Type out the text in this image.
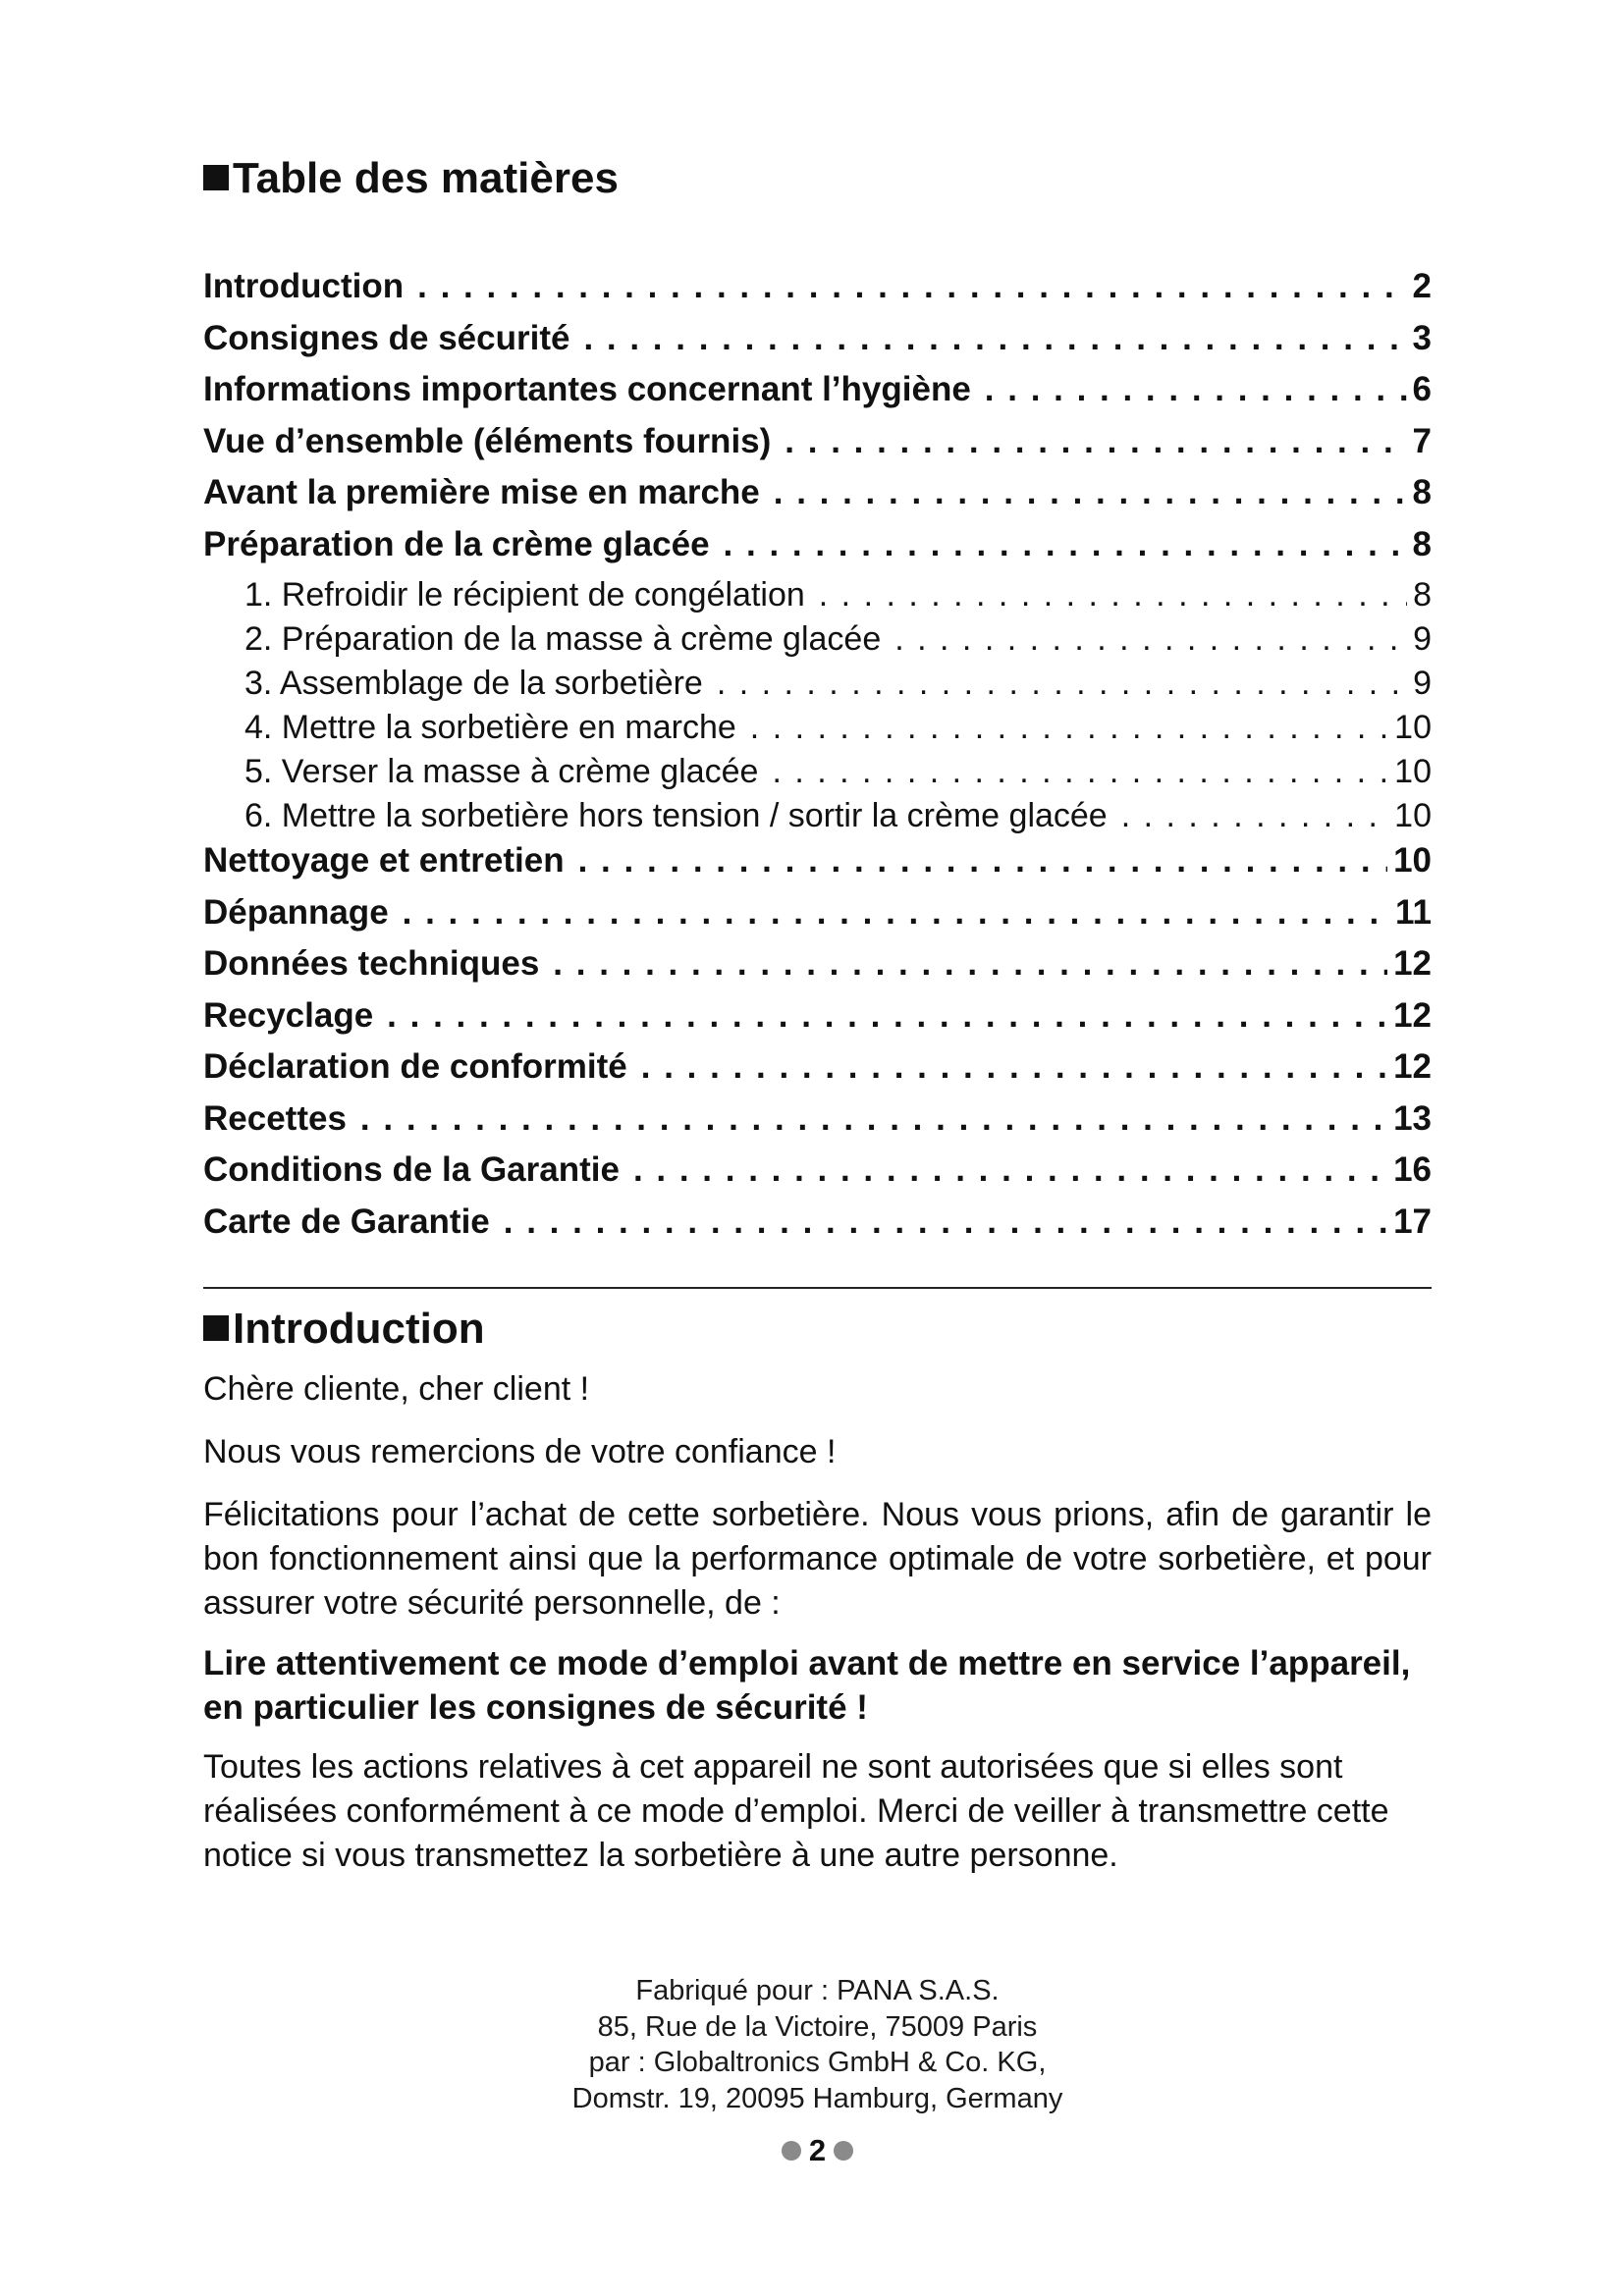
Table des matières
Introduction . . .	2
Consignes de sécurité . . .	3
Informations importantes concernant l’hygiène . . .	6
Vue d’ensemble (éléments fournis) . . .	7
Avant la première mise en marche . . .	8
Préparation de la crème glacée . . .	8
1. Refroidir le récipient de congélation . . .	8
2. Préparation de la masse à crème glacée . . .	9
3. Assemblage de la sorbetière . . .	9
4. Mettre la sorbetière en marche . . .	10
5. Verser la masse à crème glacée . . .	10
6. Mettre la sorbetière hors tension / sortir la crème glacée . . .	10
Nettoyage et entretien . . .	10
Dépannage . . .	11
Données techniques . . .	12
Recyclage . . .	12
Déclaration de conformité . . .	12
Recettes . . .	13
Conditions de la Garantie . . .	16
Carte de Garantie . . .	17
Introduction

Chère cliente, cher client !

Nous vous remercions de votre confiance !

Félicitations pour l’achat de cette sorbetière. Nous vous prions, afin de garantir le bon fonctionnement ainsi que la performance optimale de votre sorbetière, et pour assurer votre sécurité personnelle, de :

Lire attentivement ce mode d’emploi avant de mettre en service l’appareil, en particulier les consignes de sécurité !

Toutes les actions relatives à cet appareil ne sont autorisées que si elles sont réalisées conformément à ce mode d’emploi. Merci de veiller à transmettre cette notice si vous transmettez la sorbetière à une autre personne.

Fabriqué pour : PANA S.A.S.

85, Rue de la Victoire, 75009 Paris

par : Globaltronics GmbH & Co. KG,

Domstr. 19, 20095 Hamburg, Germany

2
